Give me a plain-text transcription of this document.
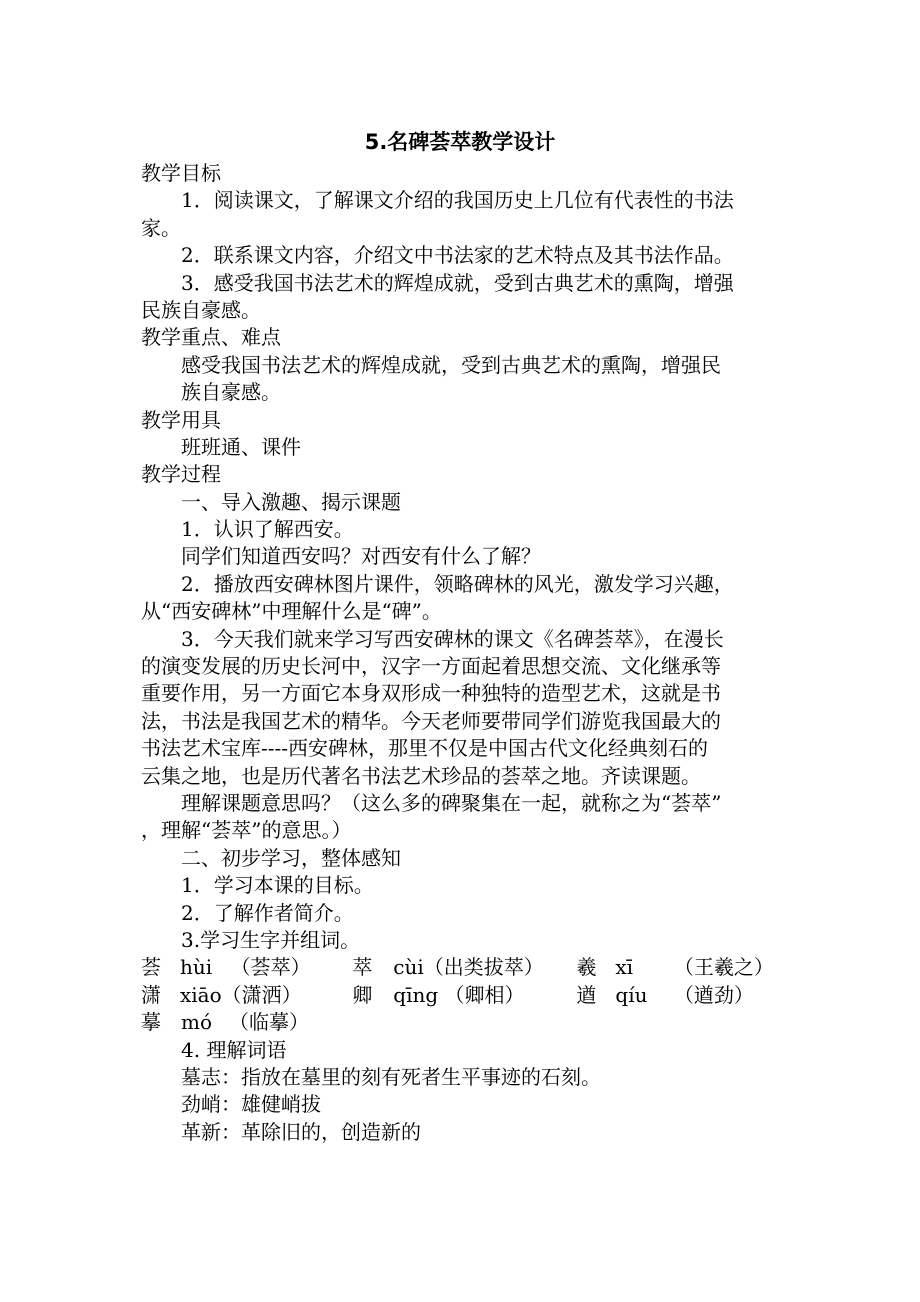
5.名碑荟萃教学设计
教学目标
1．阅读课文，了解课文介绍的我国历史上几位有代表性的书法
家。
2．联系课文内容，介绍文中书法家的艺术特点及其书法作品。
3．感受我国书法艺术的辉煌成就，受到古典艺术的熏陶，增强
民族自豪感。
教学重点、难点
感受我国书法艺术的辉煌成就，受到古典艺术的熏陶，增强民
族自豪感。
教学用具
班班通、课件
教学过程
一、导入激趣、揭示课题
1．认识了解西安。
同学们知道西安吗？对西安有什么了解？
2．播放西安碑林图片课件，领略碑林的风光，激发学习兴趣，
从“西安碑林”中理解什么是“碑”。
3．今天我们就来学习写西安碑林的课文《名碑荟萃》，在漫长
的演变发展的历史长河中，汉字一方面起着思想交流、文化继承等
重要作用，另一方面它本身双形成一种独特的造型艺术，这就是书
法，书法是我国艺术的精华。今天老师要带同学们游览我国最大的
书法艺术宝库----西安碑林，那里不仅是中国古代文化经典刻石的
云集之地，也是历代著名书法艺术珍品的荟萃之地。齐读课题。
理解课题意思吗？（这么多的碑聚集在一起，就称之为“荟萃”
，理解“荟萃”的意思。）
二、初步学习，整体感知
1．学习本课的目标。
2．了解作者简介。
3.学习生字并组词。
荟 hùi （荟萃）	萃	cùi（出类拔萃）	羲 xī	（王羲之）
潇 xiāo（潇洒）	卿	qīng （卿相）	遒 qíu	（遒劲）
摹	mó （临摹）
4. 理解词语
墓志：指放在墓里的刻有死者生平事迹的石刻。
劲峭：雄健峭拔
革新：革除旧的，创造新的
